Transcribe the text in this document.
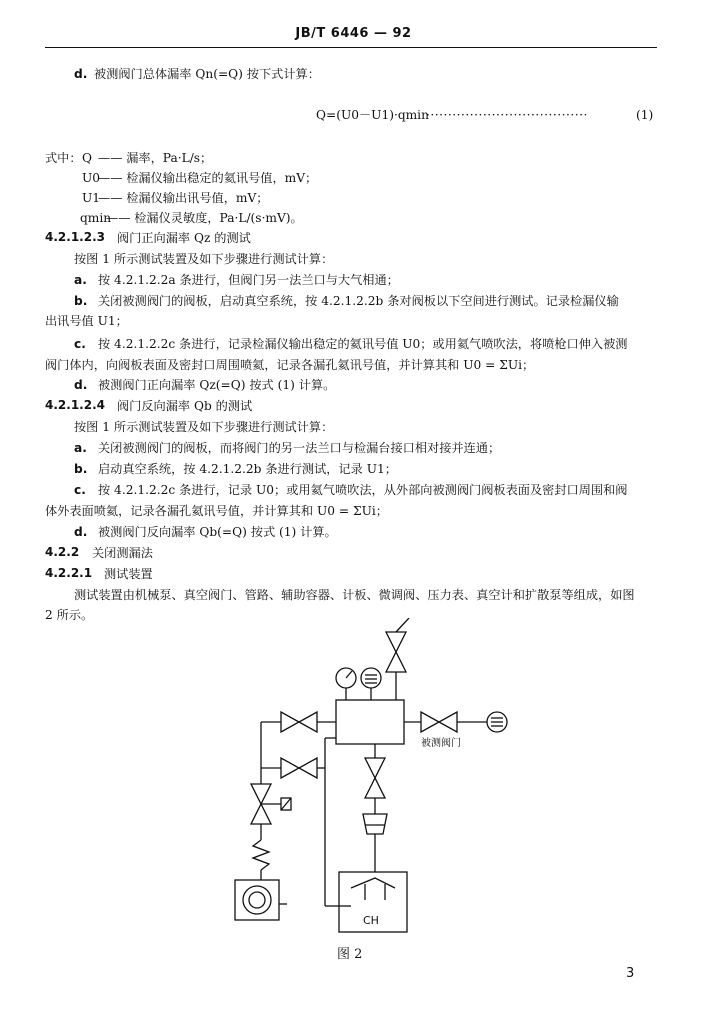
JB/T 6446 — 92
d. 被测阀门总体漏率 Qn(=Q) 按下式计算：
Q=(U0－U1)·qmin
·····································	(1)
式中： Q —— 漏率，Pa·L/s；
U0
—— 检漏仪输出稳定的氦讯号值，mV；
U1
—— 检漏仪输出讯号值，mV；
qmin
—— 检漏仪灵敏度，Pa·L/(s·mV)。
4.2.1.2.3 阀门正向漏率 Qz 的测试
按图 1 所示测试装置及如下步骤进行测试计算：
a. 按 4.2.1.2.2a 条进行，但阀门另一法兰口与大气相通；
b. 关闭被测阀门的阀板，启动真空系统，按 4.2.1.2.2b 条对阀板以下空间进行测试。记录检漏仪输
出讯号值 U1；
c. 按 4.2.1.2.2c 条进行，记录检漏仪输出稳定的氦讯号值 U0；或用氦气喷吹法，将喷枪口伸入被测
阀门体内，向阀板表面及密封口周围喷氦，记录各漏孔氦讯号值，并计算其和 U0 = ΣUi；
d. 被测阀门正向漏率 Qz(=Q) 按式 (1) 计算。
4.2.1.2.4 阀门反向漏率 Qb 的测试
按图 1 所示测试装置及如下步骤进行测试计算：
a. 关闭被测阀门的阀板，而将阀门的另一法兰口与检漏台接口相对接并连通；
b. 启动真空系统，按 4.2.1.2.2b 条进行测试，记录 U1；
c. 按 4.2.1.2.2c 条进行，记录 U0；或用氦气喷吹法，从外部向被测阀门阀板表面及密封口周围和阀
体外表面喷氦，记录各漏孔氦讯号值，并计算其和 U0 = ΣUi；
d. 被测阀门反向漏率 Qb(=Q) 按式 (1) 计算。
4.2.2 关闭测漏法
4.2.2.1 测试装置
测试装置由机械泵、真空阀门、管路、辅助容器、计板、微调阀、压力表、真空计和扩散泵等组成，如图
2 所示。
被测阀门
CH
图 2
3
